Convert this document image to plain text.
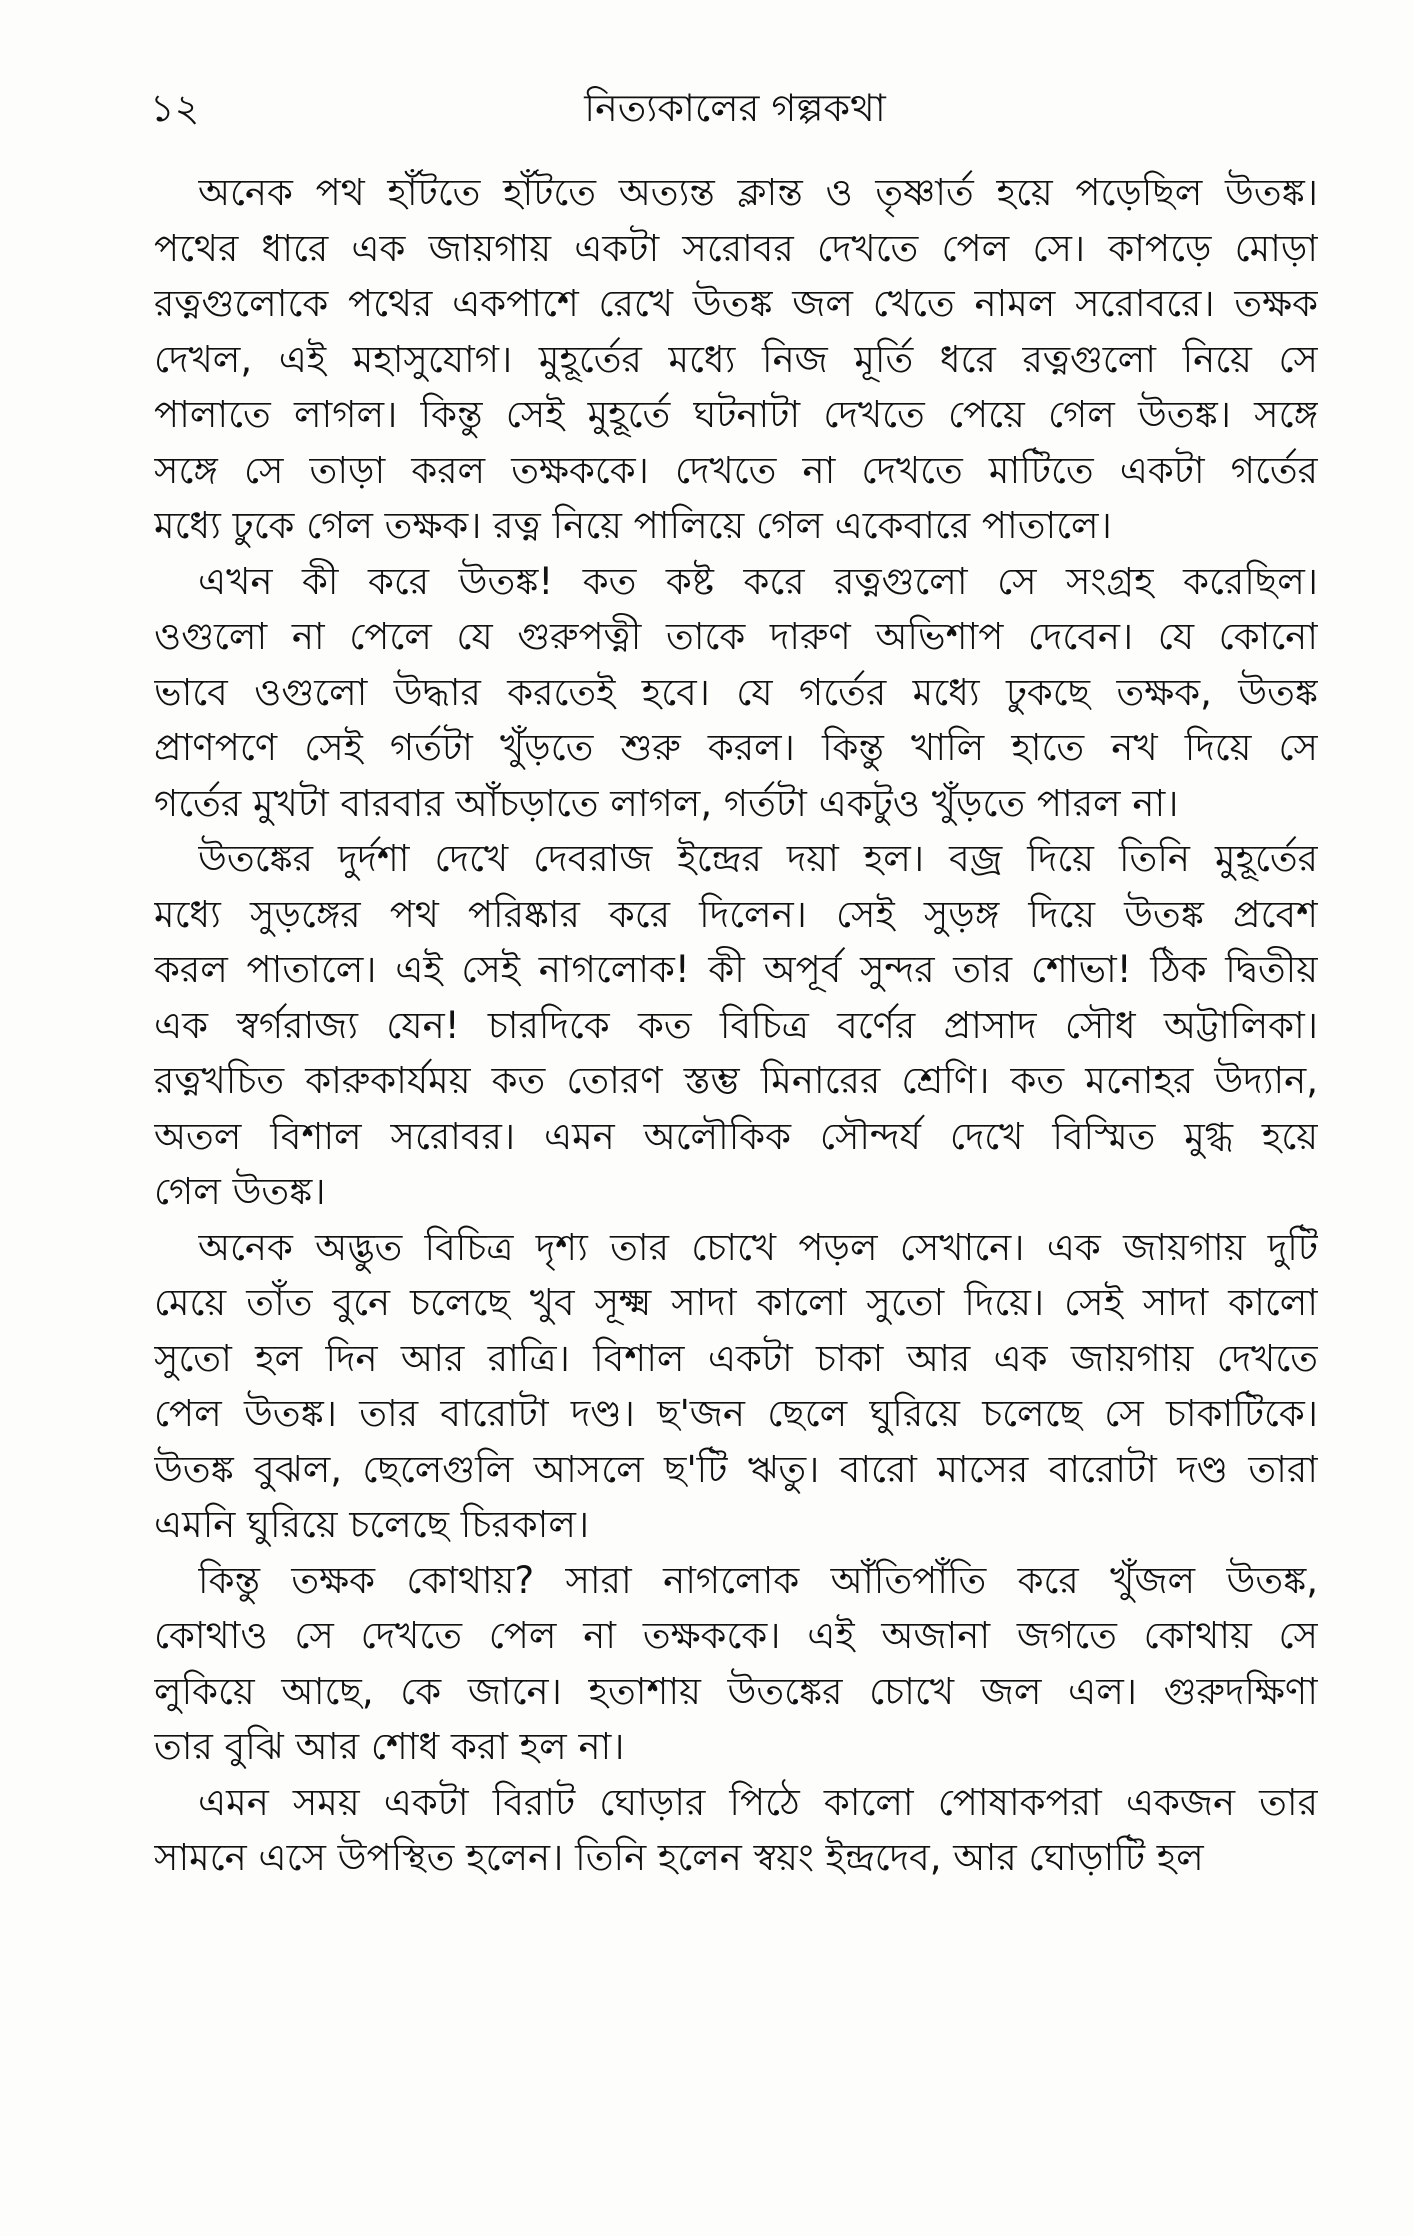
১২	নিত্যকালের গল্পকথা
অনেক পথ হাঁটতে হাঁটতে অত্যন্ত ক্লান্ত ও তৃষ্ণার্ত হয়ে পড়েছিল উতঙ্ক।
পথের ধারে এক জায়গায় একটা সরোবর দেখতে পেল সে। কাপড়ে মোড়া
রত্নগুলোকে পথের একপাশে রেখে উতঙ্ক জল খেতে নামল সরোবরে। তক্ষক
দেখল, এই মহাসুযোগ। মুহূর্তের মধ্যে নিজ মূর্তি ধরে রত্নগুলো নিয়ে সে
পালাতে লাগল। কিন্তু সেই মুহূর্তে ঘটনাটা দেখতে পেয়ে গেল উতঙ্ক। সঙ্গে
সঙ্গে সে তাড়া করল তক্ষককে। দেখতে না দেখতে মাটিতে একটা গর্তের
মধ্যে ঢুকে গেল তক্ষক। রত্ন নিয়ে পালিয়ে গেল একেবারে পাতালে।
এখন কী করে উতঙ্ক! কত কষ্ট করে রত্নগুলো সে সংগ্রহ করেছিল।
ওগুলো না পেলে যে গুরুপত্নী তাকে দারুণ অভিশাপ দেবেন। যে কোনো
ভাবে ওগুলো উদ্ধার করতেই হবে। যে গর্তের মধ্যে ঢুকছে তক্ষক, উতঙ্ক
প্রাণপণে সেই গর্তটা খুঁড়তে শুরু করল। কিন্তু খালি হাতে নখ দিয়ে সে
গর্তের মুখটা বারবার আঁচড়াতে লাগল, গর্তটা একটুও খুঁড়তে পারল না।
উতঙ্কের দুর্দশা দেখে দেবরাজ ইন্দ্রের দয়া হল। বজ্র দিয়ে তিনি মুহূর্তের
মধ্যে সুড়ঙ্গের পথ পরিষ্কার করে দিলেন। সেই সুড়ঙ্গ দিয়ে উতঙ্ক প্রবেশ
করল পাতালে। এই সেই নাগলোক! কী অপূর্ব সুন্দর তার শোভা! ঠিক দ্বিতীয়
এক স্বর্গরাজ্য যেন! চারদিকে কত বিচিত্র বর্ণের প্রাসাদ সৌধ অট্টালিকা।
রত্নখচিত কারুকার্যময় কত তোরণ স্তম্ভ মিনারের শ্রেণি। কত মনোহর উদ্যান,
অতল বিশাল সরোবর। এমন অলৌকিক সৌন্দর্য দেখে বিস্মিত মুগ্ধ হয়ে
গেল উতঙ্ক।
অনেক অদ্ভুত বিচিত্র দৃশ্য তার চোখে পড়ল সেখানে। এক জায়গায় দুটি
মেয়ে তাঁত বুনে চলেছে খুব সূক্ষ্ম সাদা কালো সুতো দিয়ে। সেই সাদা কালো
সুতো হল দিন আর রাত্রি। বিশাল একটা চাকা আর এক জায়গায় দেখতে
পেল উতঙ্ক। তার বারোটা দণ্ড। ছ'জন ছেলে ঘুরিয়ে চলেছে সে চাকাটিকে।
উতঙ্ক বুঝল, ছেলেগুলি আসলে ছ'টি ঋতু। বারো মাসের বারোটা দণ্ড তারা
এমনি ঘুরিয়ে চলেছে চিরকাল।
কিন্তু তক্ষক কোথায়? সারা নাগলোক আঁতিপাঁতি করে খুঁজল উতঙ্ক,
কোথাও সে দেখতে পেল না তক্ষককে। এই অজানা জগতে কোথায় সে
লুকিয়ে আছে, কে জানে। হতাশায় উতঙ্কের চোখে জল এল। গুরুদক্ষিণা
তার বুঝি আর শোধ করা হল না।
এমন সময় একটা বিরাট ঘোড়ার পিঠে কালো পোষাকপরা একজন তার
সামনে এসে উপস্থিত হলেন। তিনি হলেন স্বয়ং ইন্দ্রদেব, আর ঘোড়াটি হল
